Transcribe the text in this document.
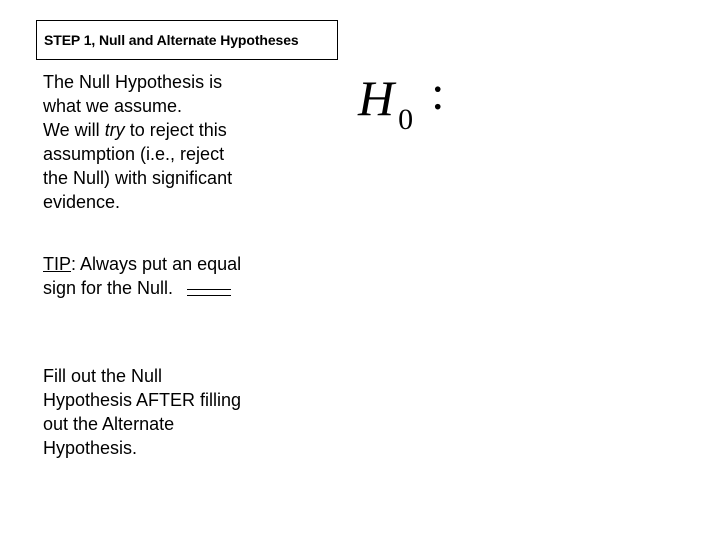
STEP 1, Null and Alternate Hypotheses
The Null Hypothesis is
what we assume.
We will try to reject this
assumption (i.e., reject
the Null) with significant
evidence.
TIP: Always put an equal
sign for the Null.
Fill out the Null
Hypothesis AFTER filling
out the Alternate
Hypothesis.
H $_0$ :
